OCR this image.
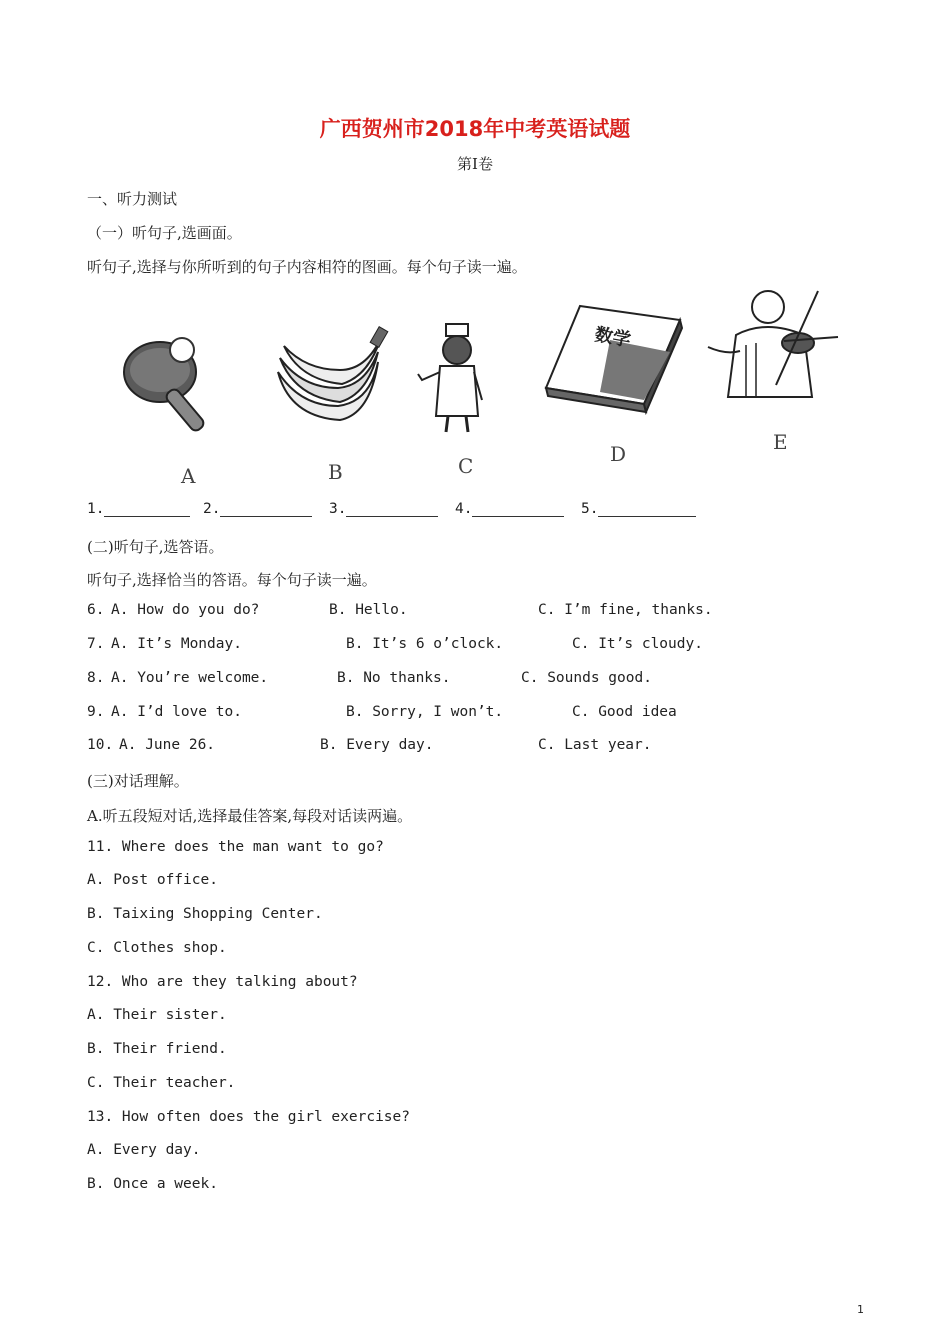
广西贺州市2018年中考英语试题
第I卷
一、听力测试
（一）听句子,选画面。
听句子,选择与你所听到的句子内容相符的图画。每个句子读一遍。
A	B	C
数学
D	E
1.	2.	3.	4.	5.
(二)听句子,选答语。
听句子,选择恰当的答语。每个句子读一遍。
6.
A. How do you do?	B. Hello.	C. I’m fine, thanks.
7.
A. It’s Monday.	B. It’s 6 o’clock.	C. It’s cloudy.
8.
A. You’re welcome.	B. No thanks.	C. Sounds good.
9.
A. I’d love to.	B. Sorry, I won’t.	C. Good idea
10.
A. June 26.	B. Every day.	C. Last year.
(三)对话理解。
A.听五段短对话,选择最佳答案,每段对话读两遍。
11. Where does the man want to go?
A. Post office.
B. Taixing Shopping Center.
C. Clothes shop.
12. Who are they talking about?
A. Their sister.
B. Their friend.
C. Their teacher.
13. How often does the girl exercise?
A. Every day.
B. Once a week.
1
